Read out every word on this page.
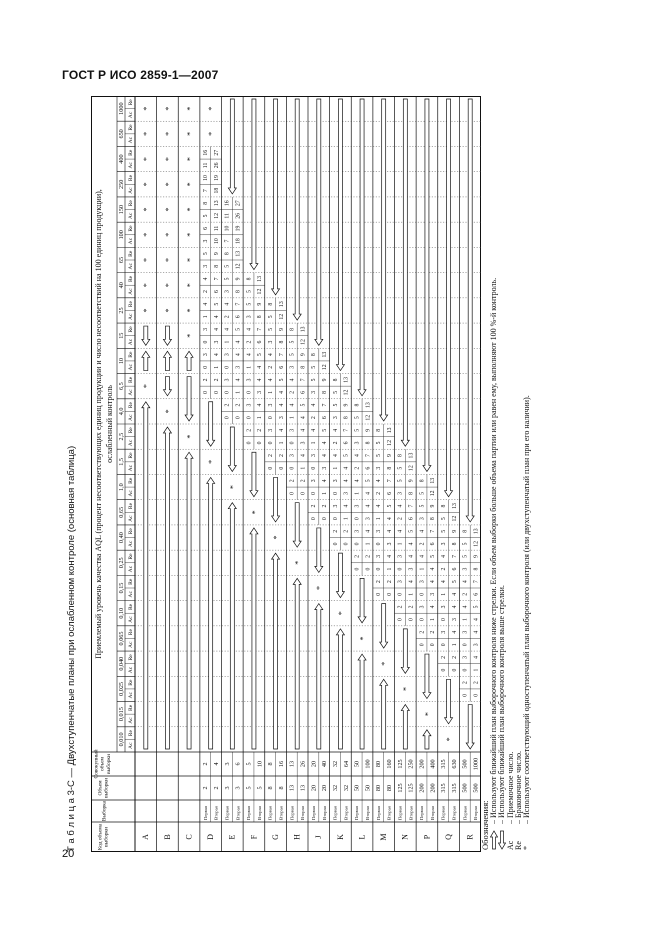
ГОСТ Р ИСО 2859-1—2007
20
Т а б л и ц а 3-С — Двухступенчатые планы при ослабленном контроле (основная таблица)	Код объема выборки
Выборка
Объем выборки
Совокупный объем выборки
Приемлемый уровень качества AQL (процент несоответствующих единиц продукции и число несоответствий на 100 единиц продукции), ослабленный контроль
0,010 Ac
Re
0,015 Ac
Re
0,025 Ac
Re
0,040 Ac
Re
0,065 Ac
Re
0,10
Ac
Re
0,15
Ac
Re
0,25
Ac
Re
0,40
Ac
Re
0,65
Ac
Re
1,0
Ac
Re
1,5
Ac
Re
2,5
Ac
Re
4,0
Ac
Re
6,5
Ac
Re
10
Ac
Re
15
Ac
Re
25
Ac
Re
40
Ac
Re
65
Ac
Re
100
Ac
Re
150
Ac
Re
250
Ac
Re
400
Ac
Re
650
Ac
Re
1000
Ac
Re
A
*
*
*
*
*
*
*
*
*
*
B
*
*
*
*
*
*
*
*
*
*
C
*
*
*
*
*
*
*
*
*
*
*
D
Первая Вторая
2 2
2 4
*
0
2
0
2
0
3
1
4
0
3
3
4
1
4
4
5
2
4
6
7
3
5
8
9
3
6
10
11
5
8
12
13
7
10
18
19
11
16
26
27
*
*
E
Первая Вторая
3 3
3 6
*
0
2
0
2
0
3
1
4
0
3
3
4
1
4
4
5
2
4
6
7
3
5
8
9
5
8
12
13
7
10
18
19
11
16
26
27
F
Первая Вторая
5 5
5 10
*
0
2
0
2
0
3
1
4
0
3
3
4
1
4
4
5
2
4
6
7
3
5
8
9
5
8
12
13
G
Первая Вторая
8 8
8 16
*
0
2
0
2
0
3
1
4
0
3
3
4
1
4
4
5
2
4
6
7
3
5
8
9
5
8
12
13
H
Первая Вторая
13 13
13 26
*
0
2
0
2
0
3
1
4
0
3
3
4
1
4
4
5
2
4
6
7
3
5
8
9
5
8
12
13
J
Первая Вторая
20 20
20 40
*
0
2
0
2
0
3
1
4
0
3
3
4
1
4
4
5
2
4
6
7
3
5
8
9
5
8
12
13
K
Первая Вторая
32 32
32 64
*
0
2
0
2
0
3
1
4
0
3
3
4
1
4
4
5
2
4
6
7
3
5
8
9
5
8
12
13
L
Первая Вторая
50 50
50 100
*
0
2
0
2
0
3
1
4
0
3
3
4
1
4
4
5
2
4
6
7
3
5
8
9
5
8
12
13
M
Первая Вторая
80 80
80 160
*
0
2
0
2
0
3
1
4
0
3
3
4
1
4
4
5
2
4
6
7
3
5
8
9
5
8
12
13
N
Первая Вторая
125 125
125 250
*
0
2
0
2
0
3
1
4
0
3
3
4
1
4
4
5
2
4
6
7
3
5
8
9
5
8
12
13
P
Первая Вторая
200 200
200 400
*
0
2
0
2
0
3
1
4
0
3
3
4
1
4
4
5
2
4
6
7
3
5
8
9
5
8
12
13
Q
Первая Вторая
315 315
315 630
*
0
2
0
2
0
3
1
4
0
3
3
4
1
4
4
5
2
4
6
7
3
5
8
9
5
8
12
13
R
Первая Вторая
500 500
500 1000
0
2
0
2
0
3
1
4
0
3
3
4
1
4
4
5
2
4
6
7
3
5
8
9
5
8
12
13
Обозначения:
– Используют ближайший план выборочного контроля ниже стрелки. Если объем выборки больше объема партии или равен ему, выполняют 100 %-й контроль. – Используют ближайший план выборочного контроля выше стрелки.
Ac
– Приемочное число.
Re
– Браковочное число.
*
– Используют соответствующий одноступенчатый план выборочного контроля (или двухступенчатый план при его наличии).
